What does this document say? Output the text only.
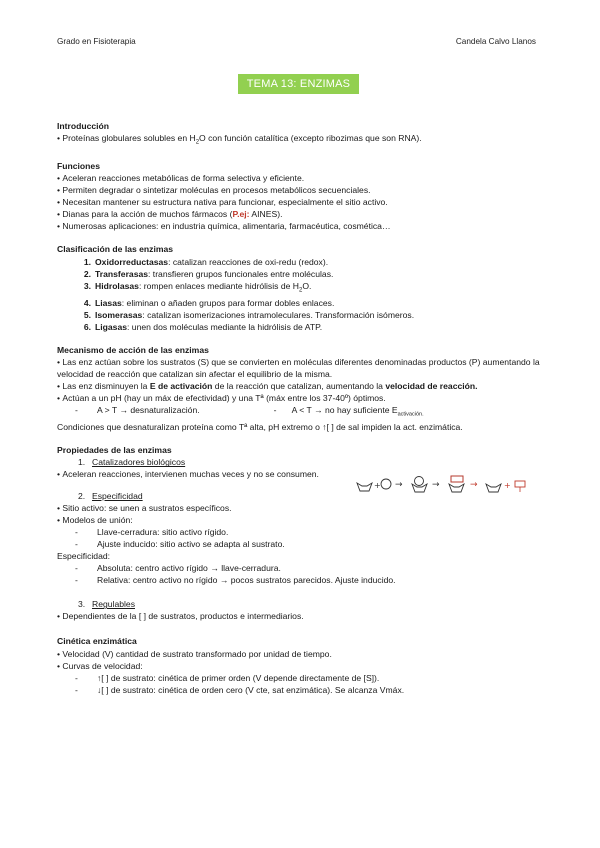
Grado en Fisioterapia	Candela Calvo Llanos
TEMA 13: ENZIMAS
Introducción
• Proteínas globulares solubles en $H_2O$ con función catalítica (excepto ribozimas que son RNA).
Funciones
• Aceleran reacciones metabólicas de forma selectiva y eficiente.
• Permiten degradar o sintetizar moléculas en procesos metabólicos secuenciales.
• Necesitan mantener su estructura nativa para funcionar, especialmente el sitio activo.
• Dianas para la acción de muchos fármacos (P.ej: AINES).
• Numerosas aplicaciones: en industria química, alimentaria, farmacéutica, cosmética…
Clasificación de las enzimas
1. Oxidorreductasas: catalizan reacciones de oxi-redu (redox).
2. Transferasas: transfieren grupos funcionales entre moléculas.
3. Hidrolasas: rompen enlaces mediante hidrólisis de $H_2O$.
4. Liasas: eliminan o añaden grupos para formar dobles enlaces.
5. Isomerasas: catalizan isomerizaciones intramoleculares. Transformación isómeros.
6. Ligasas: unen dos moléculas mediante la hidrólisis de ATP.
Mecanismo de acción de las enzimas
• Las enz actúan sobre los sustratos (S) que se convierten en moléculas diferentes denominadas productos (P) aumentando la velocidad de reacción que catalizan sin afectar el equilibrio de la misma.
• Las enz disminuyen la E de activación de la reacción que catalizan, aumentando la velocidad de reacción.
• Actúan a un pH (hay un máx de efectividad) y una Tª (máx entre los 37-40º) óptimos.
- A > T → desnaturalización.	- A < T → no hay suficiente $E_{activación.}$
Condiciones que desnaturalizan proteína como Tª alta, pH extremo o ↑[ ] de sal impiden la act. enzimática.
Propiedades de las enzimas
1. Catalizadores biológicos
• Aceleran reacciones, intervienen muchas veces y no se consumen.
2. Especificidad
• Sitio activo: se unen a sustratos específicos.
• Modelos de unión:
- Llave-cerradura: sitio activo rígido.
- Ajuste inducido: sitio activo se adapta al sustrato.
Especificidad:
- Absoluta: centro activo rígido → llave-cerradura.
- Relativa: centro activo no rígido → pocos sustratos parecidos. Ajuste inducido.
3. Regulables
• Dependientes de la [ ] de sustratos, productos e intermediarios.
Cinética enzimática
• Velocidad (V) cantidad de sustrato transformado por unidad de tiempo.
• Curvas de velocidad:
- ↑[ ] de sustrato: cinética de primer orden (V depende directamente de [S]).
- ↓[ ] de sustrato: cinética de orden cero (V cte, sat enzimática). Se alcanza Vmáx.
+ →	→	→	+
